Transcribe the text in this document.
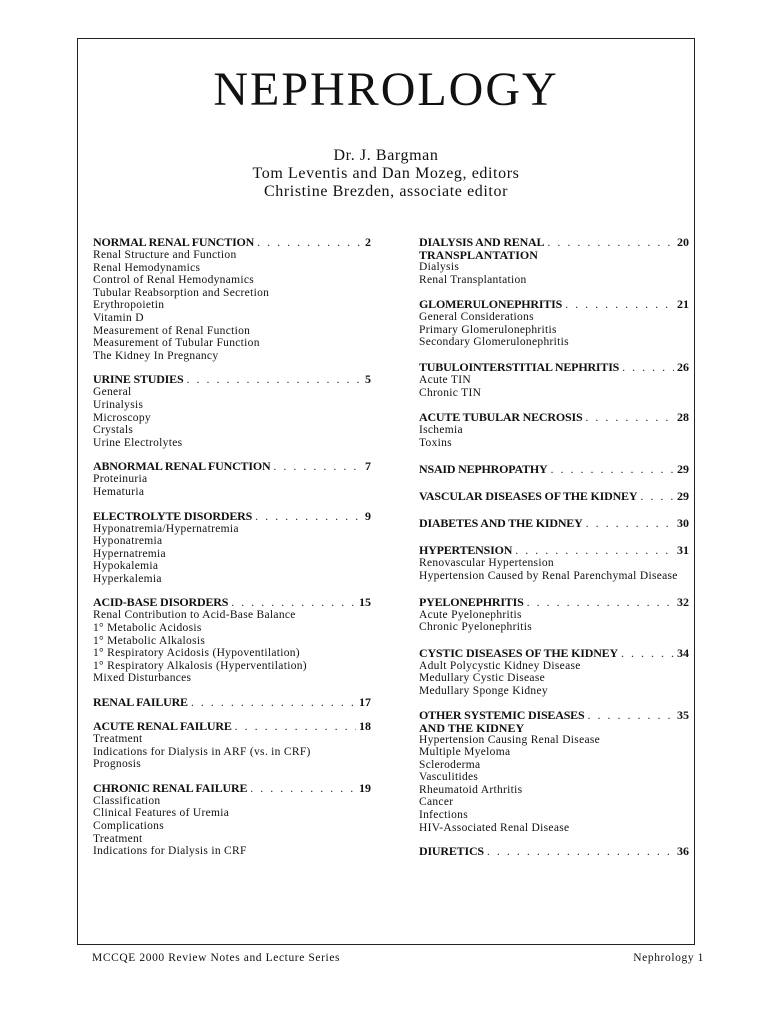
NEPHROLOGY
Dr. J. Bargman
Tom Leventis and Dan Mozeg, editors
Christine Brezden, associate editor
NORMAL RENAL FUNCTION . . .	2
Renal Structure and Function
Renal Hemodynamics
Control of Renal Hemodynamics
Tubular Reabsorption and Secretion
Erythropoietin
Vitamin D
Measurement of Renal Function
Measurement of Tubular Function
The Kidney In Pregnancy
URINE STUDIES . . .	5
General
Urinalysis
Microscopy
Crystals
Urine Electrolytes
ABNORMAL RENAL FUNCTION . . .	7
Proteinuria
Hematuria
ELECTROLYTE DISORDERS . . .	9
Hyponatremia/Hypernatremia
Hyponatremia
Hypernatremia
Hypokalemia
Hyperkalemia
ACID-BASE DISORDERS . . .	15
Renal Contribution to Acid-Base Balance
1° Metabolic Acidosis
1° Metabolic Alkalosis
1° Respiratory Acidosis (Hypoventilation)
1° Respiratory Alkalosis (Hyperventilation)
Mixed Disturbances
RENAL FAILURE . . .	17
ACUTE RENAL FAILURE . . .	18
Treatment
Indications for Dialysis in ARF (vs. in CRF)
Prognosis
CHRONIC RENAL FAILURE . . .	19
Classification
Clinical Features of Uremia
Complications
Treatment
Indications for Dialysis in CRF
DIALYSIS AND RENAL . . .	20
TRANSPLANTATION
Dialysis
Renal Transplantation
GLOMERULONEPHRITIS . . .	21
General Considerations
Primary Glomerulonephritis
Secondary Glomerulonephritis
TUBULOINTERSTITIAL NEPHRITIS . . .	26
Acute TIN
Chronic TIN
ACUTE TUBULAR NECROSIS . . .	28
Ischemia
Toxins
NSAID NEPHROPATHY . . .	29
VASCULAR DISEASES OF THE KIDNEY . . .	29
DIABETES AND THE KIDNEY . . .	30
HYPERTENSION . . .	31
Renovascular Hypertension
Hypertension Caused by Renal Parenchymal Disease
PYELONEPHRITIS . . .	32
Acute Pyelonephritis
Chronic Pyelonephritis
CYSTIC DISEASES OF THE KIDNEY . . .	34
Adult Polycystic Kidney Disease
Medullary Cystic Disease
Medullary Sponge Kidney
OTHER SYSTEMIC DISEASES . . .	35
AND THE KIDNEY
Hypertension Causing Renal Disease
Multiple Myeloma
Scleroderma
Vasculitides
Rheumatoid Arthritis
Cancer
Infections
HIV-Associated Renal Disease
DIURETICS . . .	36
MCCQE 2000 Review Notes and Lecture Series	Nephrology 1
